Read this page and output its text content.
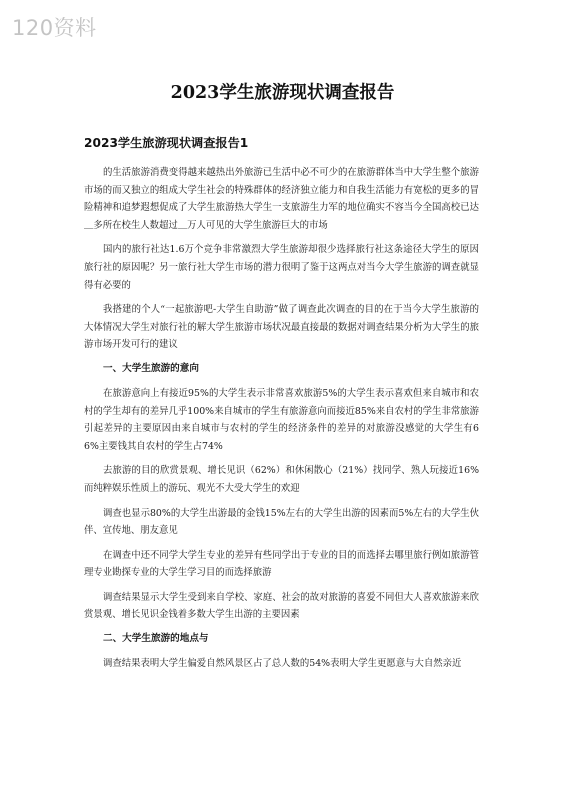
120资料
2023学生旅游现状调查报告
2023学生旅游现状调查报告1

的生活旅游消费变得越来越热出外旅游已生活中必不可少的在旅游群体当中大学生整个旅游市场的而又独立的组成大学生社会的特殊群体的经济独立能力和自我生活能力有宽松的更多的冒险精神和追梦遐想促成了大学生旅游热大学生一支旅游生力军的地位确实不容当今全国高校已达＿多所在校生人数超过＿万人可见的大学生旅游巨大的市场

国内的旅行社达1.6万个竞争非常激烈大学生旅游却很少选择旅行社这条途径大学生的原因旅行社的原因呢？另一旅行社大学生市场的潜力很明了鉴于这两点对当今大学生旅游的调查就显得有必要的

我搭建的个人“一起旅游吧-大学生自助游”做了调查此次调查的目的在于当今大学生旅游的大体情况大学生对旅行社的解大学生旅游市场状况最直接最的数据对调查结果分析为大学生的旅游市场开发可行的建议

一、大学生旅游的意向

在旅游意向上有接近95%的大学生表示非常喜欢旅游5%的大学生表示喜欢但来自城市和农村的学生却有的差异几乎100%来自城市的学生有旅游意向而接近85%来自农村的学生非常旅游引起差异的主要原因由来自城市与农村的学生的经济条件的差异的对旅游没感觉的大学生有66%主要钱其自农村的学生占74%

去旅游的目的欣赏景观、增长见识（62%）和休闲散心（21%）找同学、熟人玩接近16%而纯粹娱乐性质上的游玩、观光不大受大学生的欢迎

调查也显示80%的大学生出游最的金钱15%左右的大学生出游的因素而5%左右的大学生伙伴、宣传地、朋友意见

在调查中还不同学大学生专业的差异有些同学出于专业的目的而选择去哪里旅行例如旅游管理专业勘探专业的大学生学习目的而选择旅游

调查结果显示大学生受到来自学校、家庭、社会的故对旅游的喜爱不同但大人喜欢旅游来欣赏景观、增长见识金钱着多数大学生出游的主要因素

二、大学生旅游的地点与

调查结果表明大学生偏爱自然风景区占了总人数的54%表明大学生更愿意与大自然亲近
